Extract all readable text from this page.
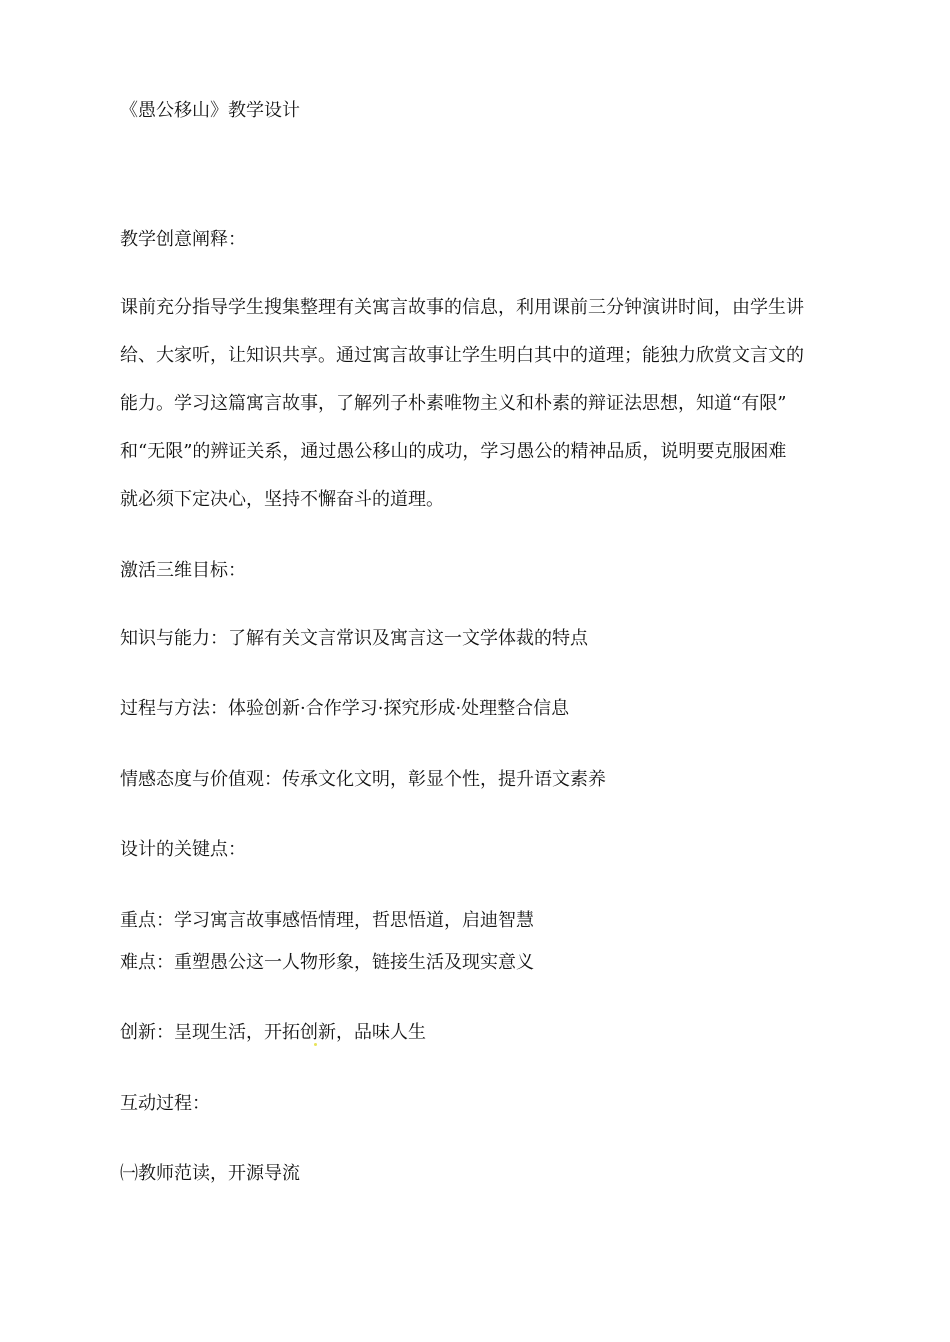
《愚公移山》教学设计

教学创意阐释：

课前充分指导学生搜集整理有关寓言故事的信息，利用课前三分钟演讲时间，由学生讲
给、大家听，让知识共享。通过寓言故事让学生明白其中的道理；能独力欣赏文言文的
能力。学习这篇寓言故事，了解列子朴素唯物主义和朴素的辩证法思想，知道“有限”
和“无限”的辨证关系，通过愚公移山的成功，学习愚公的精神品质，说明要克服困难
就必须下定决心，坚持不懈奋斗的道理。

激活三维目标：

知识与能力：了解有关文言常识及寓言这一文学体裁的特点

过程与方法：体验创新·合作学习·探究形成·处理整合信息

情感态度与价值观：传承文化文明，彰显个性，提升语文素养

设计的关键点：

重点：学习寓言故事感悟情理，哲思悟道，启迪智慧

难点：重塑愚公这一人物形象，链接生活及现实意义

创新：呈现生活，开拓创新，品味人生

互动过程：

㈠教师范读，开源导流
